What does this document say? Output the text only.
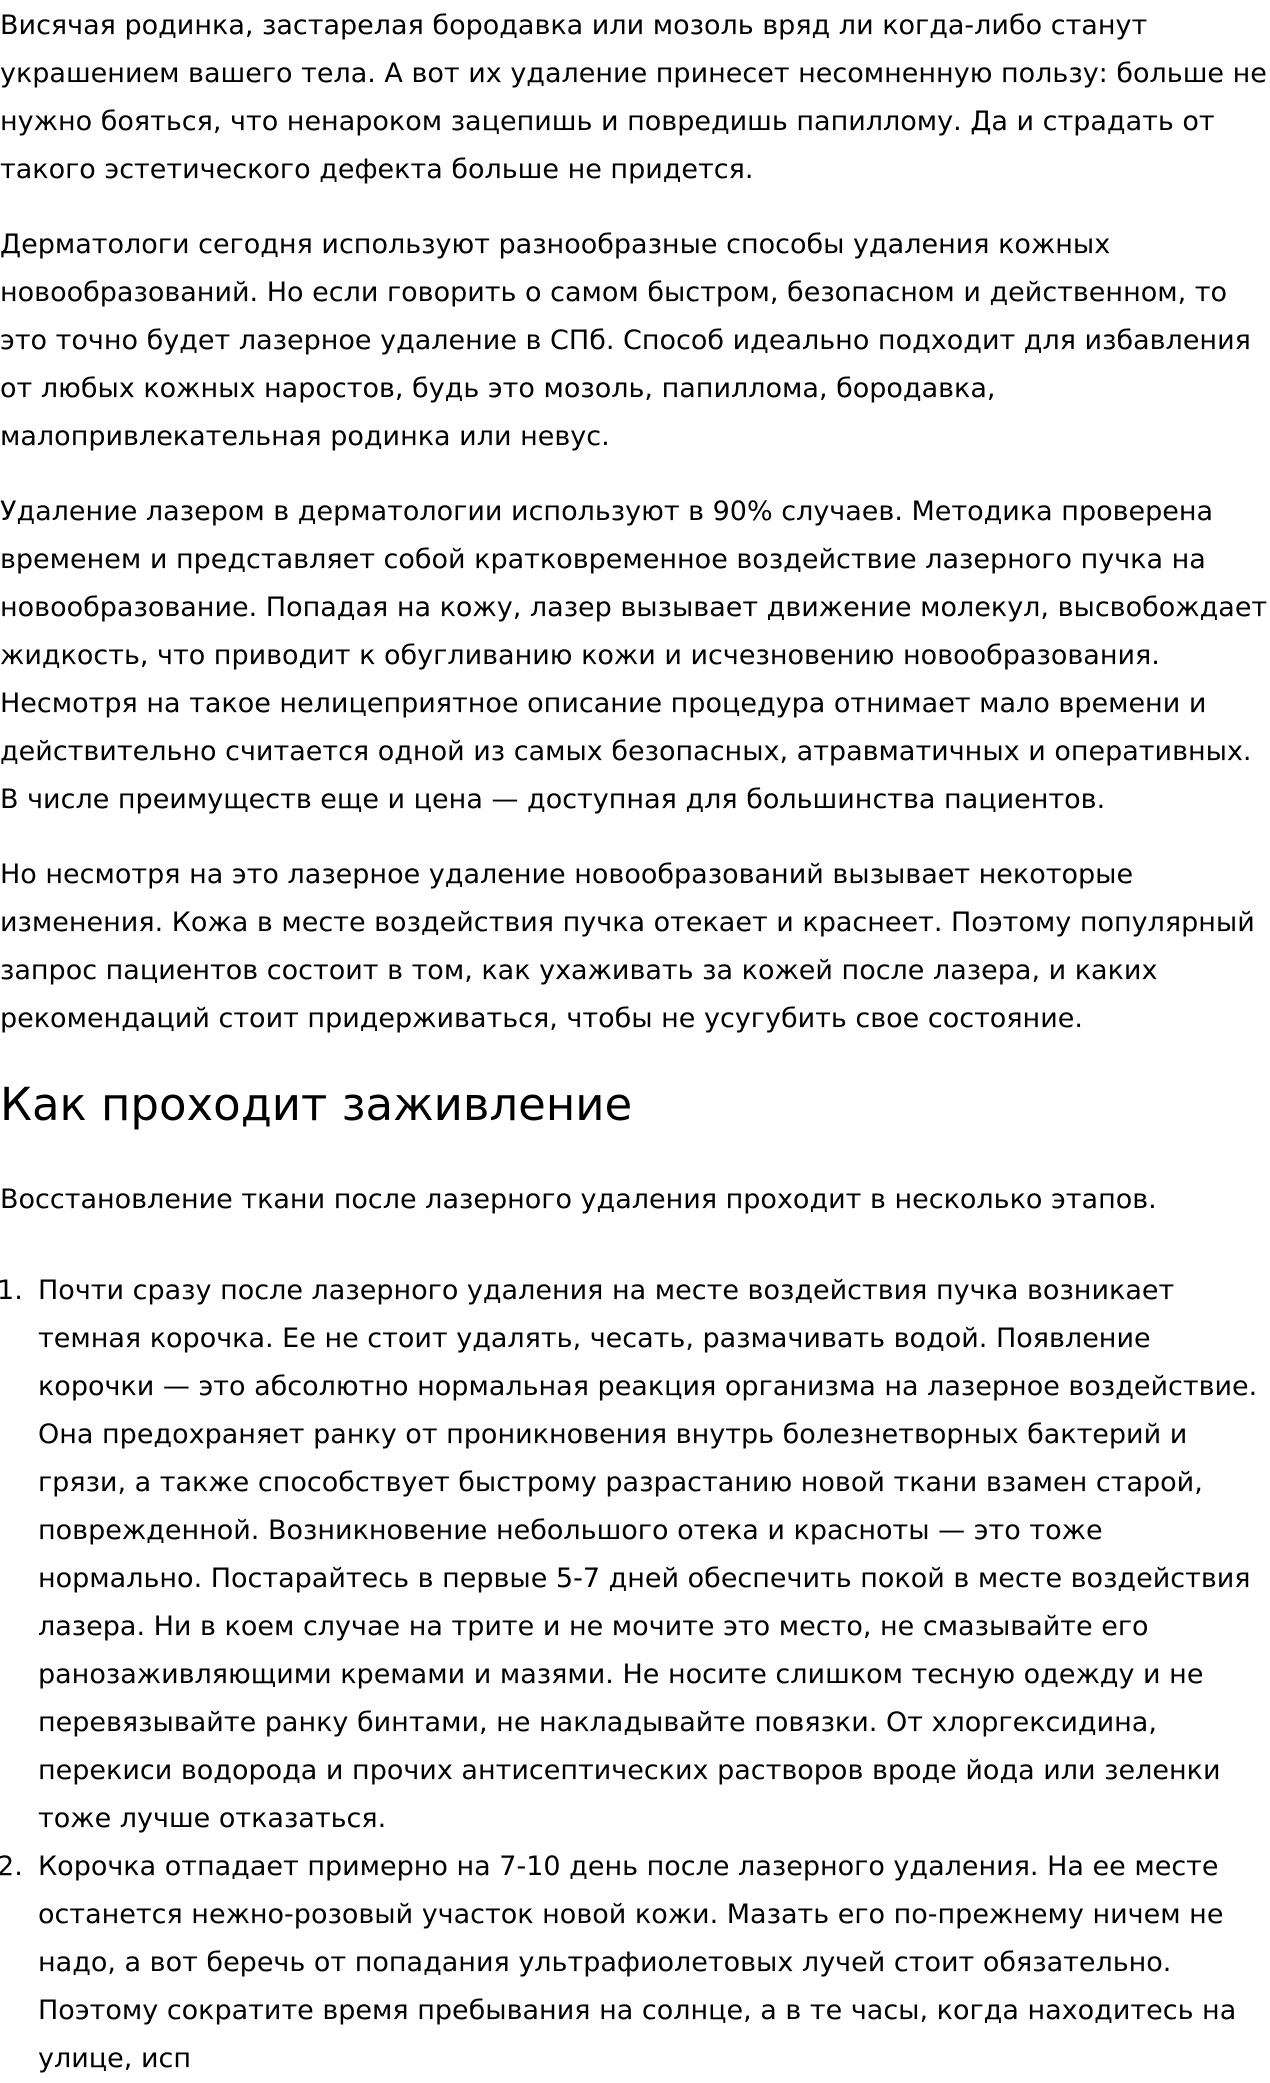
Висячая родинка, застарелая бородавка или мозоль вряд ли когда-либо станут украшением вашего тела. А вот их удаление принесет несомненную пользу: больше не нужно бояться, что ненароком зацепишь и повредишь папиллому. Да и страдать от такого эстетического дефекта больше не придется.

Дерматологи сегодня используют разнообразные способы удаления кожных новообразований. Но если говорить о самом быстром, безопасном и действенном, то это точно будет лазерное удаление в СПб. Способ идеально подходит для избавления от любых кожных наростов, будь это мозоль, папиллома, бородавка, малопривлекательная родинка или невус.

Удаление лазером в дерматологии используют в 90% случаев. Методика проверена временем и представляет собой кратковременное воздействие лазерного пучка на новообразование. Попадая на кожу, лазер вызывает движение молекул, высвобождает жидкость, что приводит к обугливанию кожи и исчезновению новообразования. Несмотря на такое нелицеприятное описание процедура отнимает мало времени и действительно считается одной из самых безопасных, атравматичных и оперативных. В числе преимуществ еще и цена — доступная для большинства пациентов.

Но несмотря на это лазерное удаление новообразований вызывает некоторые изменения. Кожа в месте воздействия пучка отекает и краснеет. Поэтому популярный запрос пациентов состоит в том, как ухаживать за кожей после лазера, и каких рекомендаций стоит придерживаться, чтобы не усугубить свое состояние.

Как проходит заживление

Восстановление ткани после лазерного удаления проходит в несколько этапов.

Почти сразу после лазерного удаления на месте воздействия пучка возникает темная корочка. Ее не стоит удалять, чесать, размачивать водой. Появление корочки — это абсолютно нормальная реакция организма на лазерное воздействие. Она предохраняет ранку от проникновения внутрь болезнетворных бактерий и грязи, а также способствует быстрому разрастанию новой ткани взамен старой, поврежденной. Возникновение небольшого отека и красноты — это тоже нормально. Постарайтесь в первые 5-7 дней обеспечить покой в месте воздействия лазера. Ни в коем случае на трите и не мочите это место, не смазывайте его ранозаживляющими кремами и мазями. Не носите слишком тесную одежду и не перевязывайте ранку бинтами, не накладывайте повязки. От хлоргексидина, перекиси водорода и прочих антисептических растворов вроде йода или зеленки тоже лучше отказаться.
Корочка отпадает примерно на 7-10 день после лазерного удаления. На ее месте останется нежно-розовый участок новой кожи. Мазать его по-прежнему ничем не надо, а вот беречь от попадания ультрафиолетовых лучей стоит обязательно. Поэтому сократите время пребывания на солнце, а в те часы, когда находитесь на улице, исп
